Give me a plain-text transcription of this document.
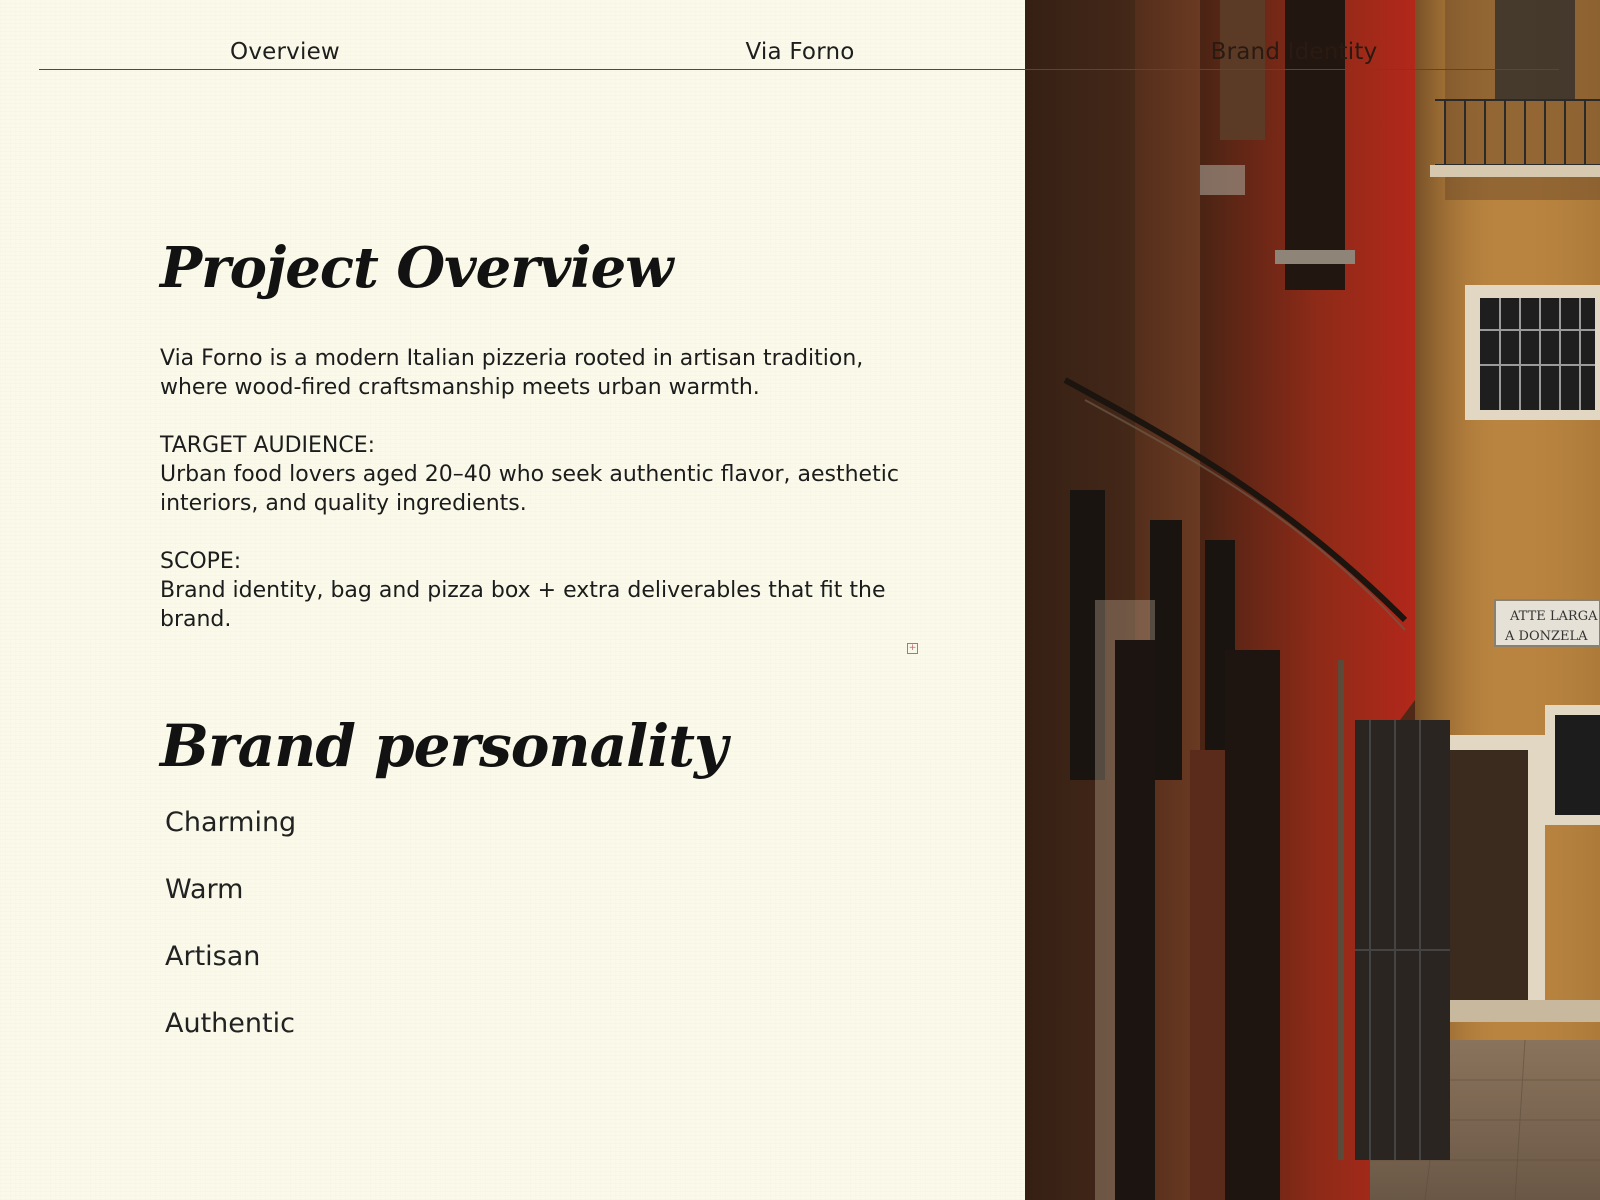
ATTE LARGA
A DONZELA
Overview	Via Forno	Brand Identity
Project Overview

Via Forno is a modern Italian pizzeria rooted in artisan tradition, where wood-fired craftsmanship meets urban warmth.

TARGET AUDIENCE:

Urban food lovers aged 20–40 who seek authentic flavor, aesthetic interiors, and quality ingredients.

SCOPE:

Brand identity, bag and pizza box + extra deliverables that fit the brand.

+
Brand personality
Charming
Warm
Artisan
Authentic
